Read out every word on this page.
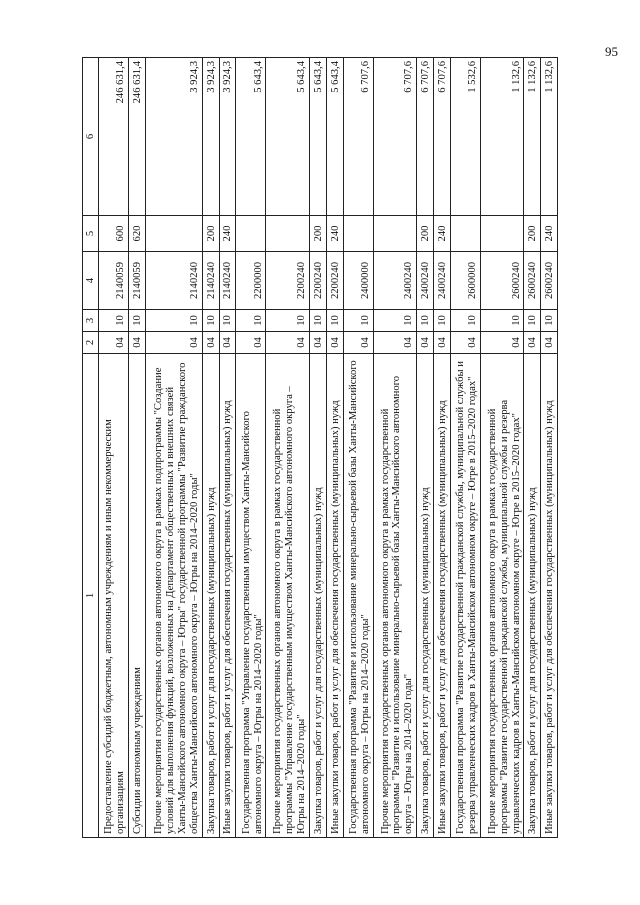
95
1	2	3	4	5	6
Предоставление субсидий бюджетным, автономным учреждениям и иным некоммерческим организациям	04	10	2140059	600	246 631,4
Субсидии автономным учреждениям	04	10	2140059	620	246 631,4
Прочие мероприятия государственных органов автономного округа в рамках подпрограммы "Создание условий для выполнения функций, возложенных на Департамент общественных и внешних связей Ханты-Мансийского автономного округа – Югры" государственной программы "Развитие гражданского общества Ханты-Мансийского автономного округа – Югры на 2014–2020 годы"	04	10	2140240		3 924,3
Закупка товаров, работ и услуг для государственных (муниципальных) нужд	04	10	2140240	200	3 924,3
Иные закупки товаров, работ и услуг для обеспечения государственных (муниципальных) нужд	04	10	2140240	240	3 924,3
Государственная программа "Управление государственным имуществом Ханты-Мансийского автономного округа – Югры на 2014–2020 годы"	04	10	2200000		5 643,4
Прочие мероприятия государственных органов автономного округа в рамках государственной программы "Управление государственным имуществом Ханты-Мансийского автономного округа – Югры на 2014–2020 годы"	04	10	2200240		5 643,4
Закупка товаров, работ и услуг для государственных (муниципальных) нужд	04	10	2200240	200	5 643,4
Иные закупки товаров, работ и услуг для обеспечения государственных (муниципальных) нужд	04	10	2200240	240	5 643,4
Государственная программа "Развитие и использование минерально-сырьевой базы Ханты-Мансийского автономного округа – Югры на 2014–2020 годы"	04	10	2400000		6 707,6
Прочие мероприятия государственных органов автономного округа в рамках государственной программы "Развитие и использование минерально-сырьевой базы Ханты-Мансийского автономного округа – Югры на 2014–2020 годы"	04	10	2400240		6 707,6
Закупка товаров, работ и услуг для государственных (муниципальных) нужд	04	10	2400240	200	6 707,6
Иные закупки товаров, работ и услуг для обеспечения государственных (муниципальных) нужд	04	10	2400240	240	6 707,6
Государственная программа "Развитие государственной гражданской службы, муниципальной службы и резерва управленческих кадров в Ханты-Мансийском автономном округе – Югре в 2015–2020 годах"	04	10	2600000		1 532,6
Прочие мероприятия государственных органов автономного округа в рамках государственной программы "Развитие государственной гражданской службы, муниципальной службы и резерва управленческих кадров в Ханты-Мансийском автономном округе – Югре в 2015–2020 годах"	04	10	2600240		1 132,6
Закупка товаров, работ и услуг для государственных (муниципальных) нужд	04	10	2600240	200	1 132,6
Иные закупки товаров, работ и услуг для обеспечения государственных (муниципальных) нужд	04	10	2600240	240	1 132,6
